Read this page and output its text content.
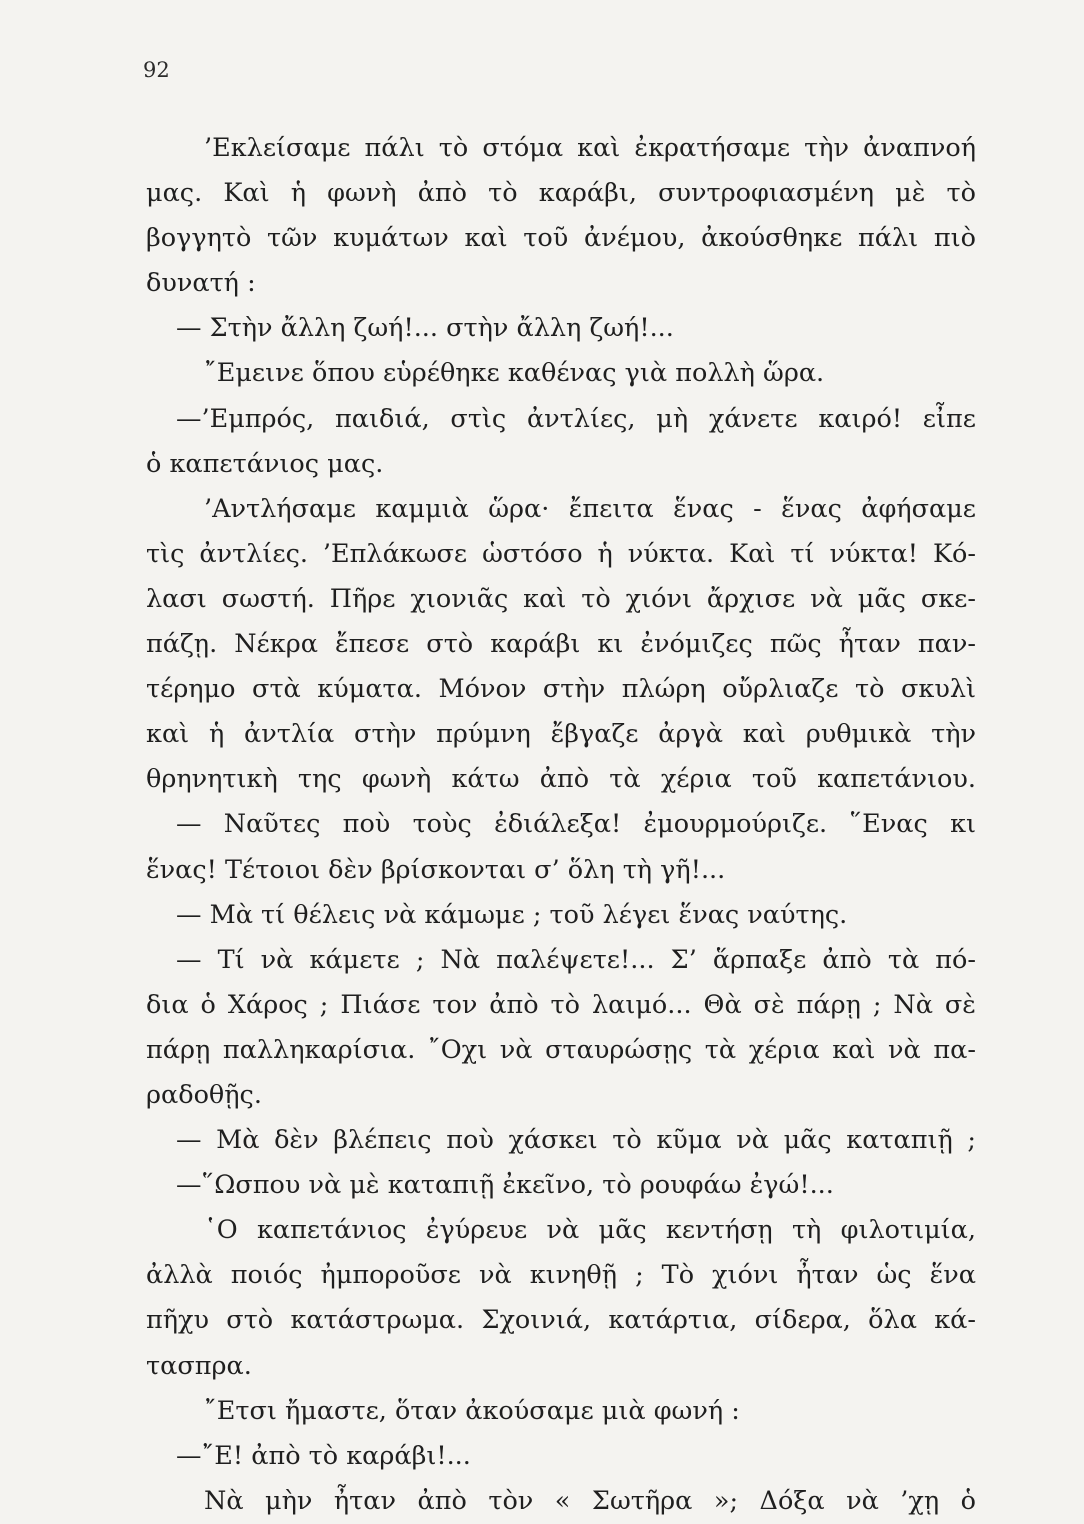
92
’Εκλείσαμε πάλι τὸ στόμα καὶ ἐκρατήσαμε τὴν ἀναπνοή
μας. Καὶ ἡ φωνὴ ἀπὸ τὸ καράβι, συντροφιασμένη μὲ τὸ
βογγητὸ τῶν κυμάτων καὶ τοῦ ἀνέμου, ἀκούσθηκε πάλι πιὸ
δυνατή :
— Στὴν ἄλλη ζωή!... στὴν ἄλλη ζωή!...
῎Εμεινε ὅπου εὑρέθηκε καθένας γιὰ πολλὴ ὥρα.
—’Εμπρός, παιδιά, στὶς ἀντλίες, μὴ χάνετε καιρό! εἶπε
ὁ καπετάνιος μας.
’Αντλήσαμε καμμιὰ ὥρα· ἔπειτα ἕνας - ἕνας ἀφήσαμε
τὶς ἀντλίες. ’Επλάκωσε ὡστόσο ἡ νύκτα. Καὶ τί νύκτα! Κό-
λασι σωστή. Πῆρε χιονιᾶς καὶ τὸ χιόνι ἄρχισε νὰ μᾶς σκε-
πάζῃ. Νέκρα ἔπεσε στὸ καράβι κι ἐνόμιζες πῶς ἦταν παν-
τέρημο στὰ κύματα. Μόνον στὴν πλώρη οὔρλιαζε τὸ σκυλὶ
καὶ ἡ ἀντλία στὴν πρύμνη ἔβγαζε ἀργὰ καὶ ρυθμικὰ τὴν
θρηνητικὴ της φωνὴ κάτω ἀπὸ τὰ χέρια τοῦ καπετάνιου.
— Ναῦτες ποὺ τοὺς ἐδιάλεξα! ἐμουρμούριζε. ῞Ενας κι
ἕνας! Τέτοιοι δὲν βρίσκονται σ’ ὅλη τὴ γῆ!...
— Μὰ τί θέλεις νὰ κάμωμε ; τοῦ λέγει ἕνας ναύτης.
— Τί νὰ κάμετε ; Νὰ παλέψετε!... Σ’ ἅρπαξε ἀπὸ τὰ πό-
δια ὁ Χάρος ; Πιάσε τον ἀπὸ τὸ λαιμό... Θὰ σὲ πάρῃ ; Νὰ σὲ
πάρῃ παλληκαρίσια. ῎Οχι νὰ σταυρώσῃς τὰ χέρια καὶ νὰ πα-
ραδοθῇς.
— Μὰ δὲν βλέπεις ποὺ χάσκει τὸ κῦμα νὰ μᾶς καταπιῇ ;
—῞Ωσπου νὰ μὲ καταπιῇ ἐκεῖνο, τὸ ρουφάω ἐγώ!...
῾Ο καπετάνιος ἐγύρευε νὰ μᾶς κεντήσῃ τὴ φιλοτιμία,
ἀλλὰ ποιός ἠμποροῦσε νὰ κινηθῇ ; Τὸ χιόνι ἦταν ὡς ἕνα
πῆχυ στὸ κατάστρωμα. Σχοινιά, κατάρτια, σίδερα, ὅλα κά-
τασπρα.
῎Ετσι ἤμαστε, ὅταν ἀκούσαμε μιὰ φωνή :
—῎Ε! ἀπὸ τὸ καράβι!...
Νὰ μὴν ἦταν ἀπὸ τὸν « Σωτῆρα »; Δόξα νὰ ’χῃ ὁ
